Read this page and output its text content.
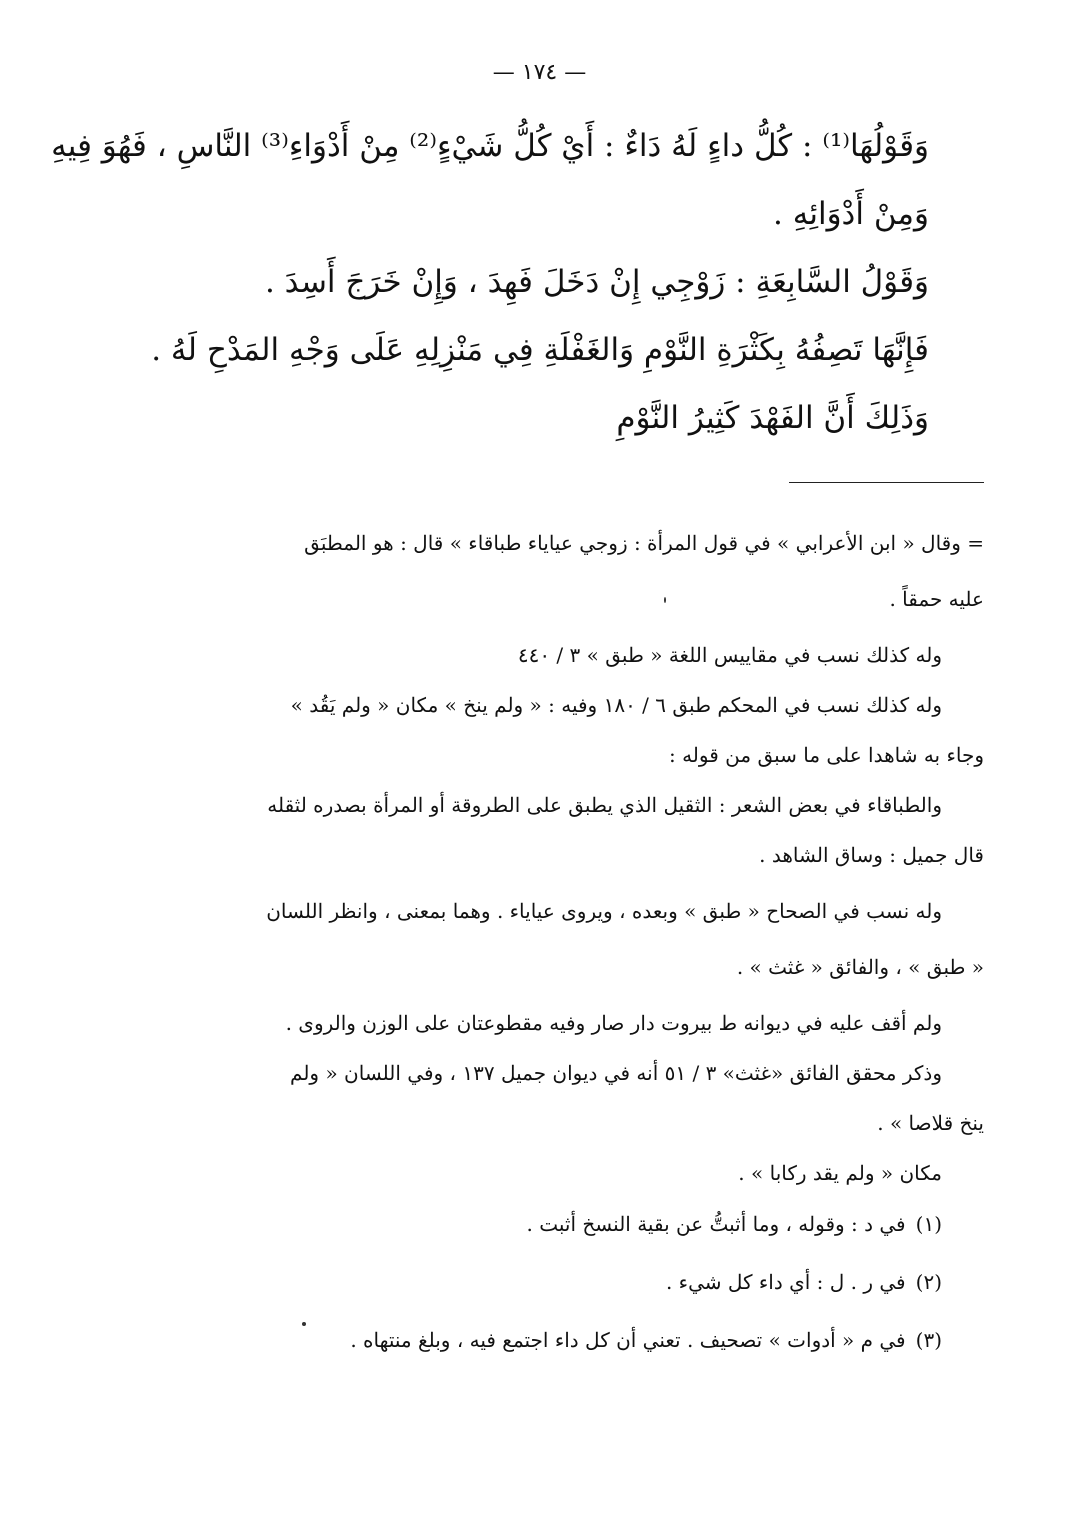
— ١٧٤ —
وَقَوْلُهَا⁽¹⁾ : كُلُّ داءٍ لَهُ دَاءٌ : أَيْ كُلُّ شَيْءٍ⁽²⁾ مِنْ أَدْوَاءِ⁽³⁾ النَّاسِ ، فَهُوَ فِيهِ
وَمِنْ أَدْوَائِهِ .
وَقَوْلُ السَّابِعَةِ : زَوْجِي إِنْ دَخَلَ فَهِدَ ، وَإِنْ خَرَجَ أَسِدَ .
فَإِنَّهَا تَصِفُهُ بِكَثْرَةِ النَّوْمِ وَالغَفْلَةِ فِي مَنْزِلِهِ عَلَى وَجْهِ المَدْحِ لَهُ .
وَذَلِكَ أَنَّ الفَهْدَ كَثِيرُ النَّوْمِ
= وقال « ابن الأعرابي » في قول المرأة : زوجي عياياء طباقاء » قال : هو المطبَق
عليه حمقاً .
وله كذلك نسب في مقاييس اللغة « طبق » ٣ / ٤٤٠
وله كذلك نسب في المحكم طبق ٦ / ١٨٠ وفيه : « ولم ينخ » مكان « ولم يَقُد »
وجاء به شاهدا على ما سبق من قوله :
والطباقاء في بعض الشعر : الثقيل الذي يطبق على الطروقة أو المرأة بصدره لثقله
قال جميل : وساق الشاهد .
وله نسب في الصحاح « طبق » وبعده ، ويروى عياياء . وهما بمعنى ، وانظر اللسان
« طبق » ، والفائق « غثث » .
ولم أقف عليه في ديوانه ط بيروت دار صار وفيه مقطوعتان على الوزن والروى .
وذكر محقق الفائق «غثث» ٣ / ٥١ أنه في ديوان جميل ١٣٧ ، وفي اللسان « ولم
ينخ قلاصا » .
مكان « ولم يقد ركابا » .
(١)في د : وقوله ، وما أثبتُّ عن بقية النسخ أثبت .
(٢)في ر . ل : أي داء كل شيء .
(٣)في م « أدوات » تصحيف . تعني أن كل داء اجتمع فيه ، وبلغ منتهاه .
